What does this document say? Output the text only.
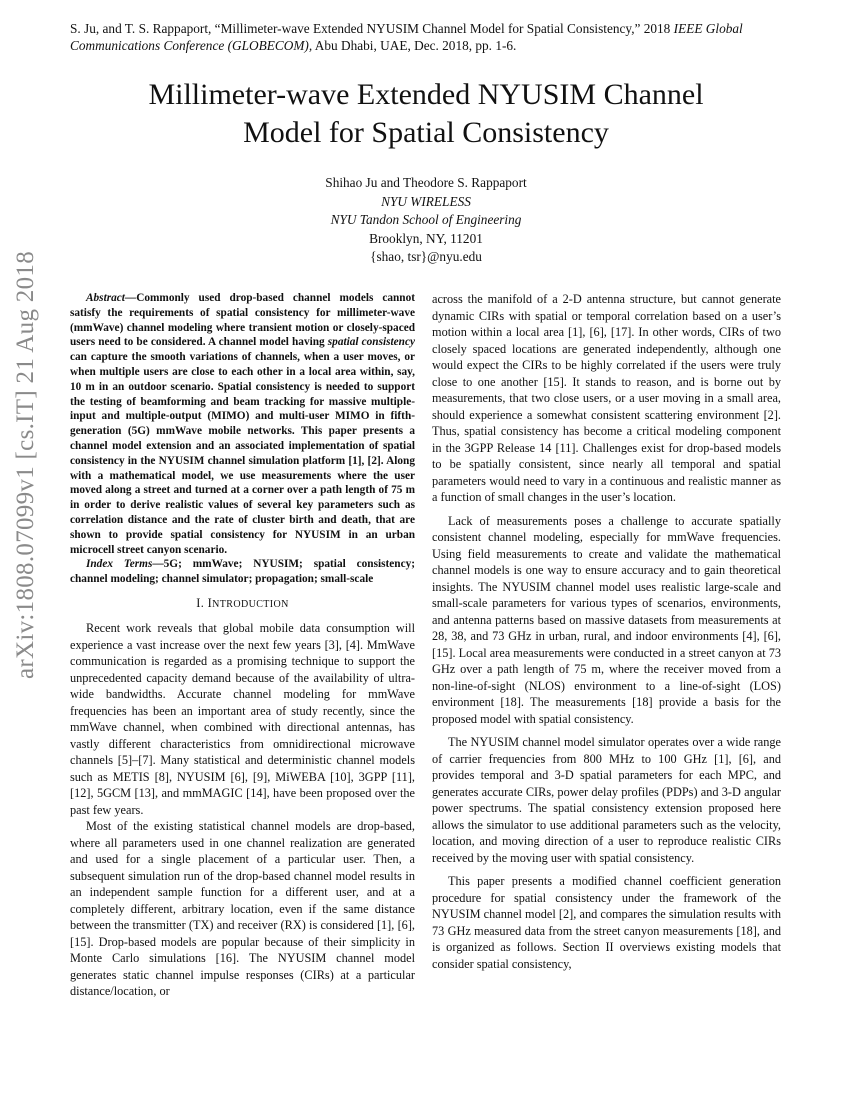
S. Ju, and T. S. Rappaport, “Millimeter-wave Extended NYUSIM Channel Model for Spatial Consistency,” 2018 IEEE Global Communications Conference (GLOBECOM), Abu Dhabi, UAE, Dec. 2018, pp. 1-6.
Millimeter-wave Extended NYUSIM Channel
Model for Spatial Consistency
Shihao Ju and Theodore S. Rappaport
NYU WIRELESS
NYU Tandon School of Engineering
Brooklyn, NY, 11201
{shao, tsr}@nyu.edu
arXiv:1808.07099v1 [cs.IT] 21 Aug 2018	Abstract—Commonly used drop-based channel models cannot satisfy the requirements of spatial consistency for millimeter-wave (mmWave) channel modeling where transient motion or closely-spaced users need to be considered. A channel model having spatial consistency can capture the smooth variations of channels, when a user moves, or when multiple users are close to each other in a local area within, say, 10 m in an outdoor scenario. Spatial consistency is needed to support the testing of beamforming and beam tracking for massive multiple-input and multiple-output (MIMO) and multi-user MIMO in fifth-generation (5G) mmWave mobile networks. This paper presents a channel model extension and an associated implementation of spatial consistency in the NYUSIM channel simulation platform [1], [2]. Along with a mathematical model, we use measurements where the user moved along a street and turned at a corner over a path length of 75 m in order to derive realistic values of several key parameters such as correlation distance and the rate of cluster birth and death, that are shown to provide spatial consistency for NYUSIM in an urban microcell street canyon scenario.

Index Terms—5G; mmWave; NYUSIM; spatial consistency; channel modeling; channel simulator; propagation; small-scale

I. INTRODUCTION

Recent work reveals that global mobile data consumption will experience a vast increase over the next few years [3], [4]. MmWave communication is regarded as a promising technique to support the unprecedented capacity demand because of the availability of ultra-wide bandwidths. Accurate channel modeling for mmWave frequencies has been an important area of study recently, since the mmWave channel, when combined with directional antennas, has vastly different characteristics from omnidirectional microwave channels [5]–[7]. Many statistical and deterministic channel models such as METIS [8], NYUSIM [6], [9], MiWEBA [10], 3GPP [11], [12], 5GCM [13], and mmMAGIC [14], have been proposed over the past few years.

Most of the existing statistical channel models are drop-based, where all parameters used in one channel realization are generated and used for a single placement of a particular user. Then, a subsequent simulation run of the drop-based channel model results in an independent sample function for a different user, and at a completely different, arbitrary location, even if the same distance between the transmitter (TX) and receiver (RX) is considered [1], [6], [15]. Drop-based models are popular because of their simplicity in Monte Carlo simulations [16]. The NYUSIM channel model generates static channel impulse responses (CIRs) at a particular distance/location, or

across the manifold of a 2-D antenna structure, but cannot generate dynamic CIRs with spatial or temporal correlation based on a user’s motion within a local area [1], [6], [17]. In other words, CIRs of two closely spaced locations are generated independently, although one would expect the CIRs to be highly correlated if the users were truly close to one another [15]. It stands to reason, and is borne out by measurements, that two close users, or a user moving in a small area, should experience a somewhat consistent scattering environment [2]. Thus, spatial consistency has become a critical modeling component in the 3GPP Release 14 [11]. Challenges exist for drop-based models to be spatially consistent, since nearly all temporal and spatial parameters would need to vary in a continuous and realistic manner as a function of small changes in the user’s location.

Lack of measurements poses a challenge to accurate spatially consistent channel modeling, especially for mmWave frequencies. Using field measurements to create and validate the mathematical channel models is one way to ensure accuracy and to gain theoretical insights. The NYUSIM channel model uses realistic large-scale and small-scale parameters for various types of scenarios, environments, and antenna patterns based on massive datasets from measurements at 28, 38, and 73 GHz in urban, rural, and indoor environments [4], [6], [15]. Local area measurements were conducted in a street canyon at 73 GHz over a path length of 75 m, where the receiver moved from a non-line-of-sight (NLOS) environment to a line-of-sight (LOS) environment [18]. The measurements [18] provide a basis for the proposed model with spatial consistency.

The NYUSIM channel model simulator operates over a wide range of carrier frequencies from 800 MHz to 100 GHz [1], [6], and provides temporal and 3-D spatial parameters for each MPC, and generates accurate CIRs, power delay profiles (PDPs) and 3-D angular power spectrums. The spatial consistency extension proposed here allows the simulator to use additional parameters such as the velocity, location, and moving direction of a user to reproduce realistic CIRs received by the moving user with spatial consistency.

This paper presents a modified channel coefficient generation procedure for spatial consistency under the framework of the NYUSIM channel model [2], and compares the simulation results with 73 GHz measured data from the street canyon measurements [18], and is organized as follows. Section II overviews existing models that consider spatial consistency,
